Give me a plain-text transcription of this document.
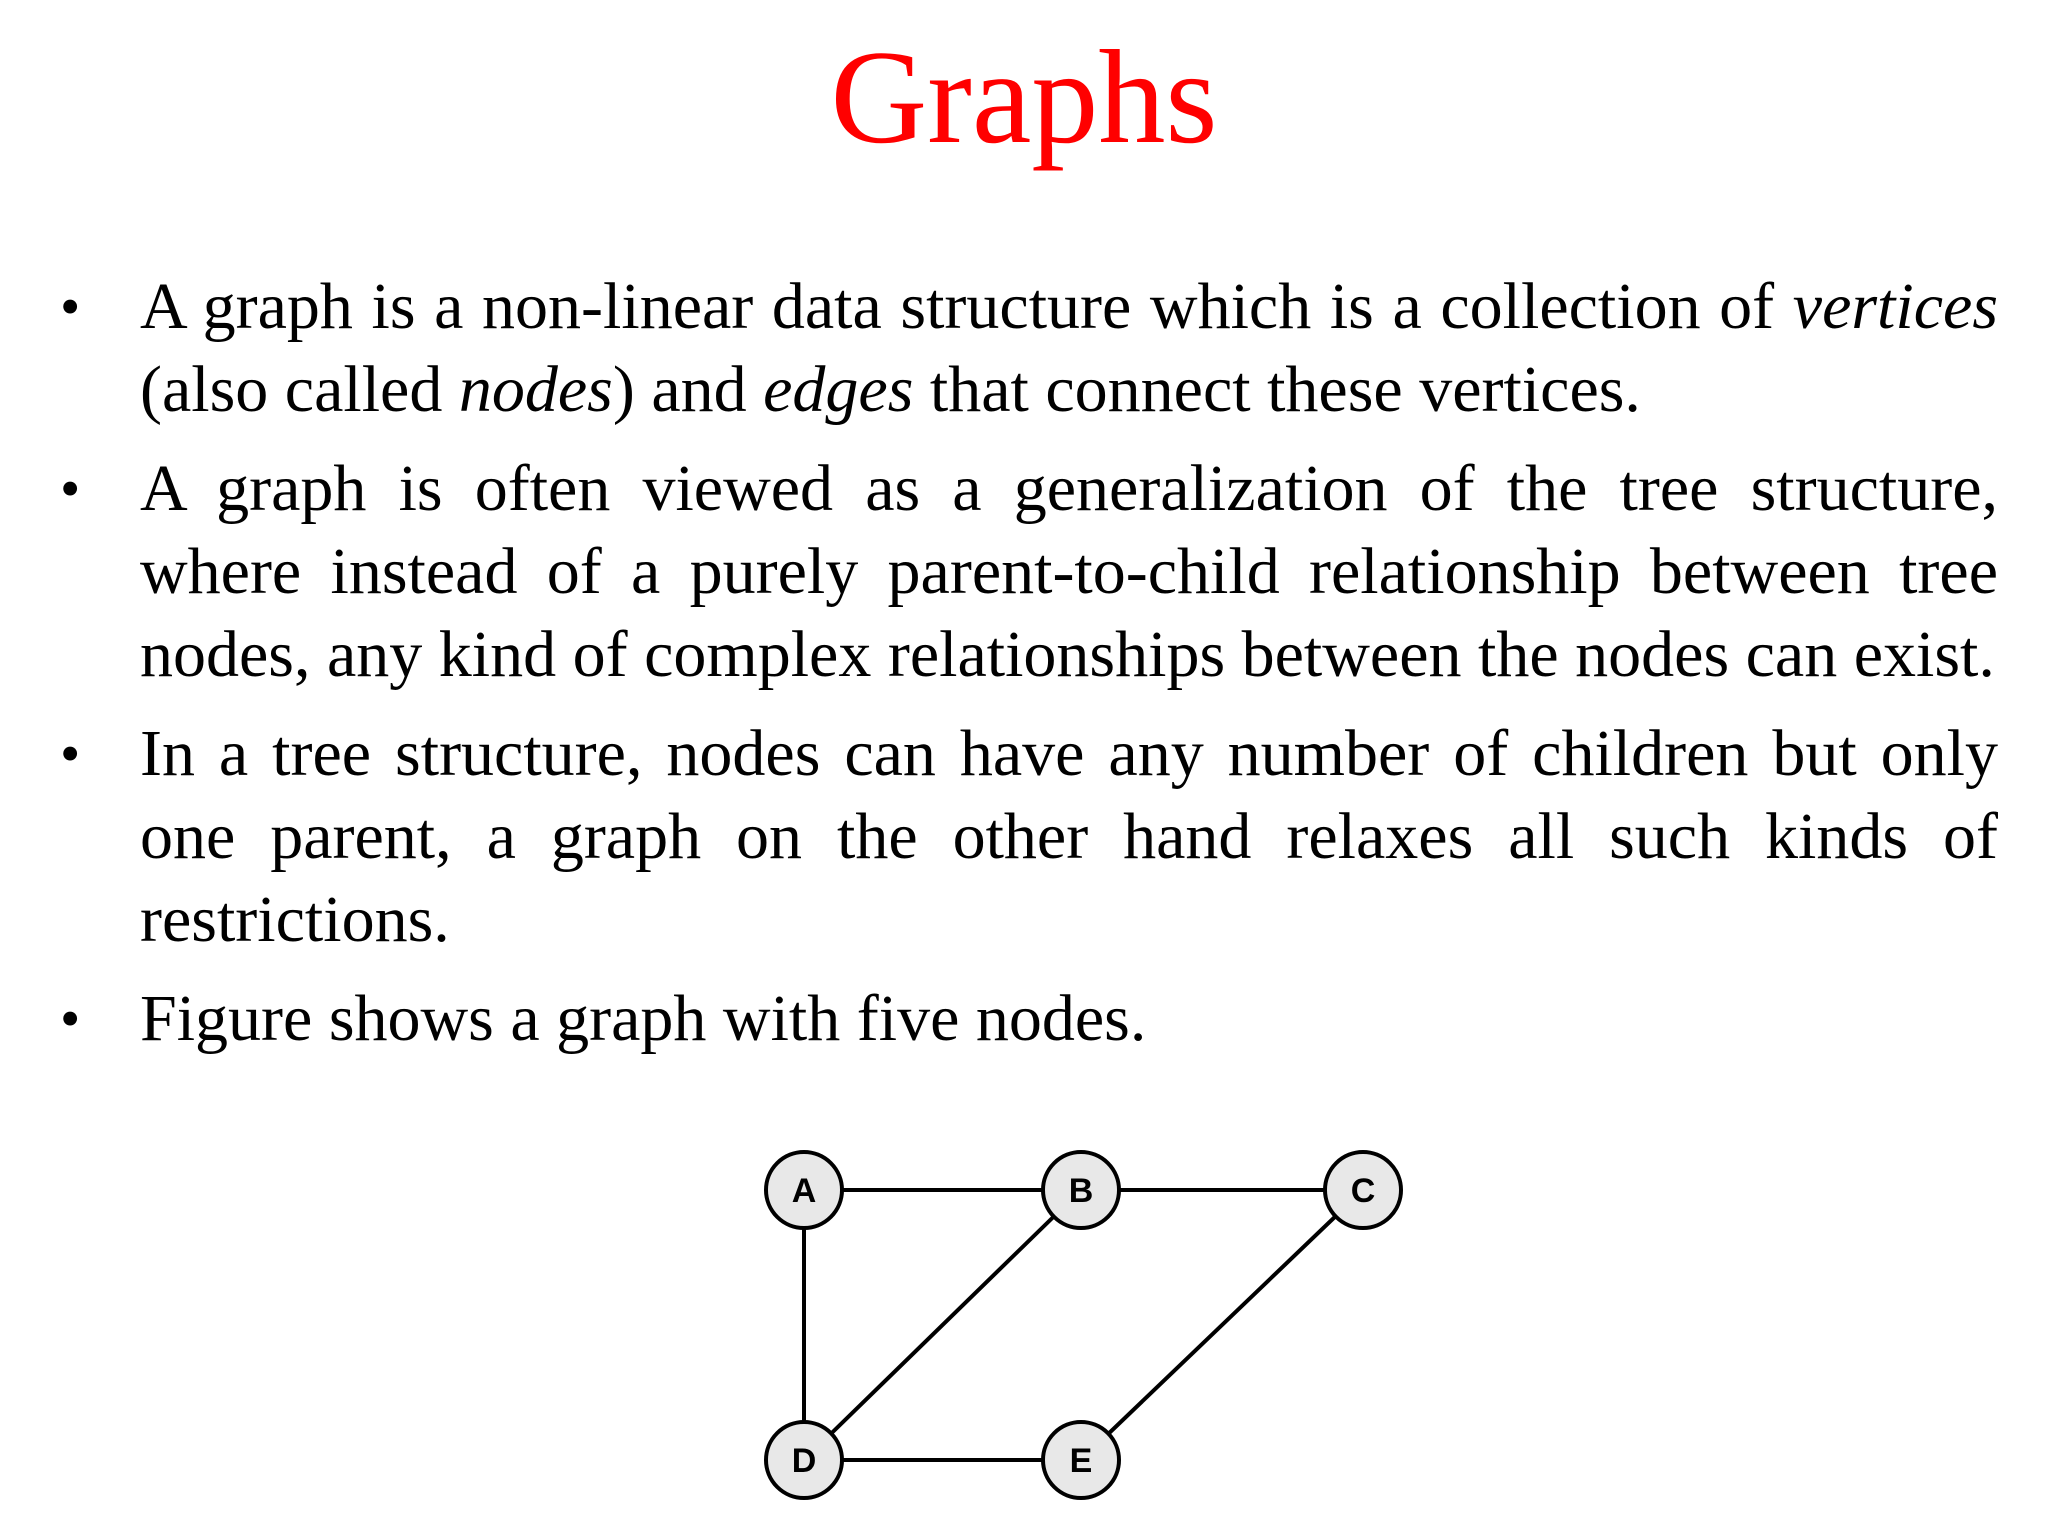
Graphs
• A graph is a non-linear data structure which is a collection of vertices (also called nodes) and edges that connect these vertices.
• A graph is often viewed as a generalization of the tree structure, where instead of a purely parent-to-child relationship between tree nodes, any kind of complex relationships between the nodes can exist.
• In a tree structure, nodes can have any number of children but only one parent, a graph on the other hand relaxes all such kinds of restrictions.
• Figure shows a graph with five nodes.
A	B	C
D	E
